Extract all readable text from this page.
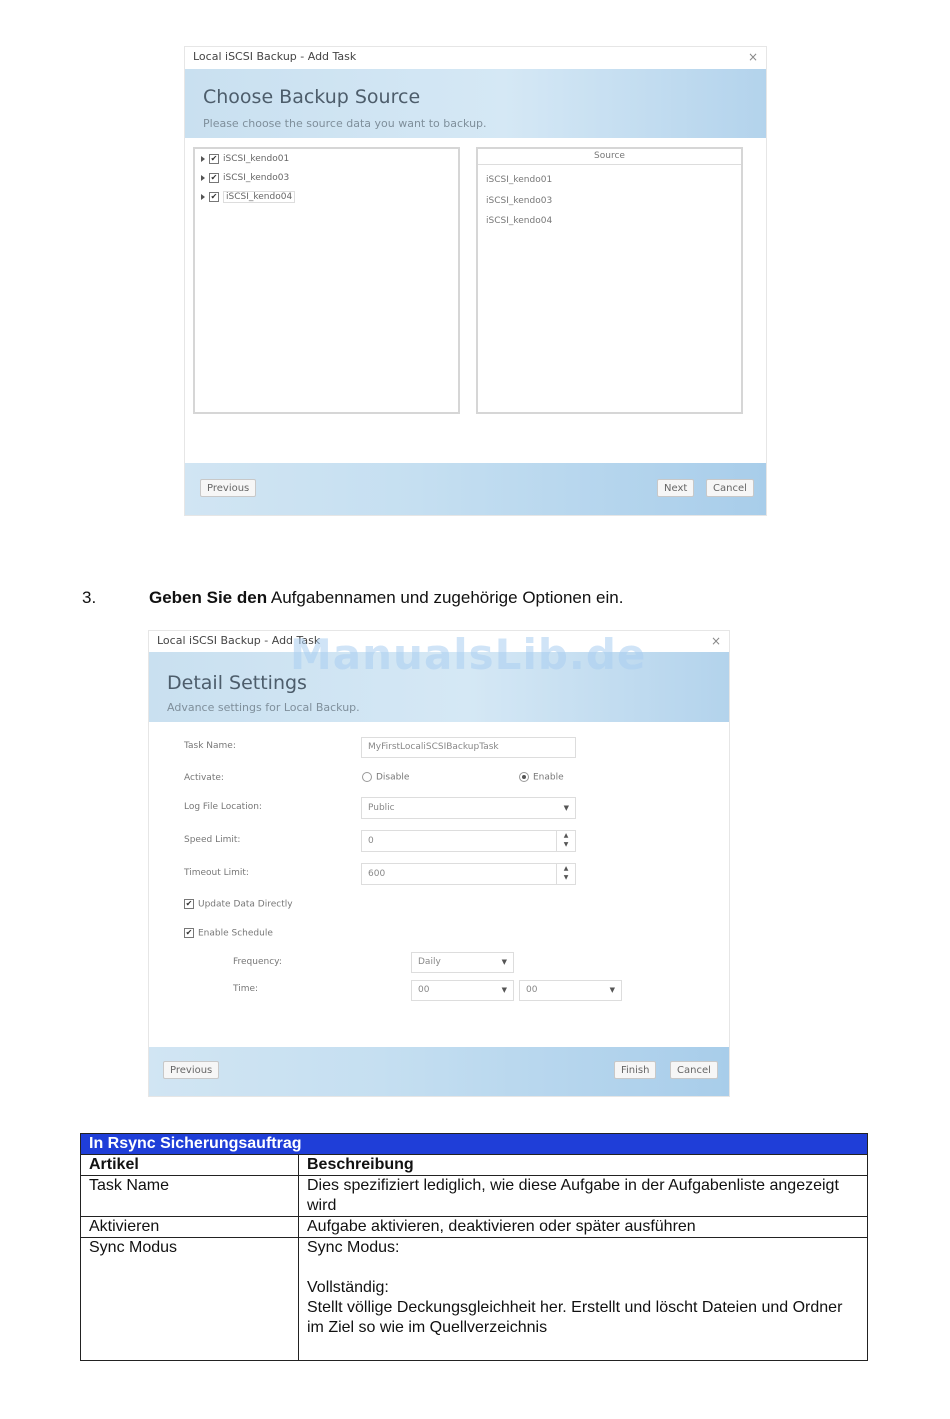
Local iSCSI Backup - Add Task	×
Choose Backup Source
Please choose the source data you want to backup.
✔ iSCSI_kendo01
✔ iSCSI_kendo03
✔ iSCSI_kendo04
Source
iSCSI_kendo01
iSCSI_kendo03
iSCSI_kendo04
Previous	Next	Cancel
3.	Geben Sie den Aufgabennamen und zugehörige Optionen ein.
Local iSCSI Backup - Add Task	×
Detail Settings
Advance settings for Local Backup.
Task Name:	MyFirstLocaliSCSIBackupTask
Activate:	Disable	Enable
Log File Location:	Public	▼
Speed Limit:	0
▲
▼
Timeout Limit:	600
▲
▼
✔ Update Data Directly
✔ Enable Schedule
Frequency:	Daily	▼
Time:	00	▼	00	▼
Previous	Finish	Cancel
ManualsLib.de
In Rsync Sicherungsauftrag	
Artikel	Beschreibung
Task Name	Dies spezifiziert lediglich, wie diese Aufgabe in der Aufgabenliste angezeigt wird

Aktivieren	Aufgabe aktivieren, deaktivieren oder später ausführen

Sync Modus	Sync Modus:
Vollständig:
Stellt völlige Deckungsgleichheit her. Erstellt und löscht Dateien und Ordner im Ziel so wie im Quellverzeichnis
